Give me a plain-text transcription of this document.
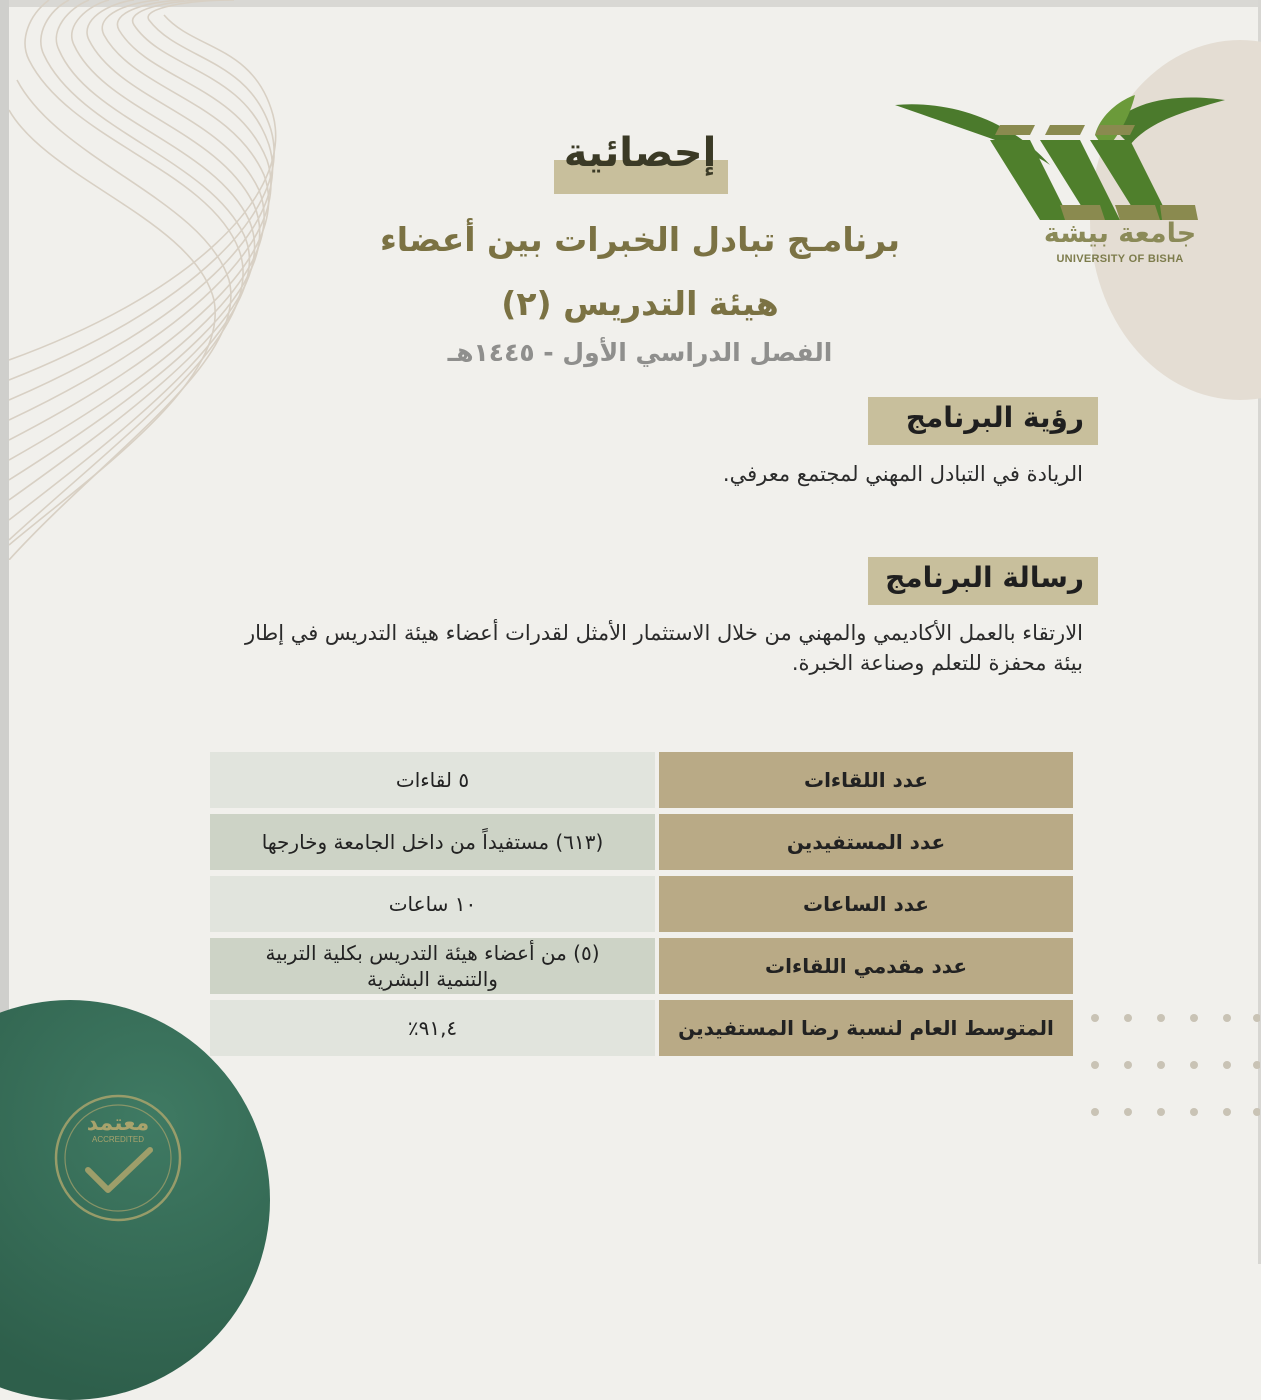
جامعة بيشة
UNIVERSITY OF BISHA
إحصائية
برنامـج تبادل الخبرات بين أعضاء
هيئة التدريس (٢)
الفصل الدراسي الأول - ١٤٤٥هـ
رؤية البرنامج
الريادة في التبادل المهني لمجتمع معرفي.
رسالة البرنامج
الارتقاء بالعمل الأكاديمي والمهني من خلال الاستثمار الأمثل لقدرات أعضاء هيئة التدريس في إطار
بيئة محفزة للتعلم وصناعة الخبرة.
عدد اللقاءات	٥ لقاءات
عدد المستفيدين	(٦١٣) مستفيداً من داخل الجامعة وخارجها
عدد الساعات	١٠ ساعات
عدد مقدمي اللقاءات	(٥) من أعضاء هيئة التدريس بكلية التربية
والتنمية البشرية

المتوسط العام لنسبة رضا المستفيدين	٩١,٤٪
معتمد
ACCREDITED
